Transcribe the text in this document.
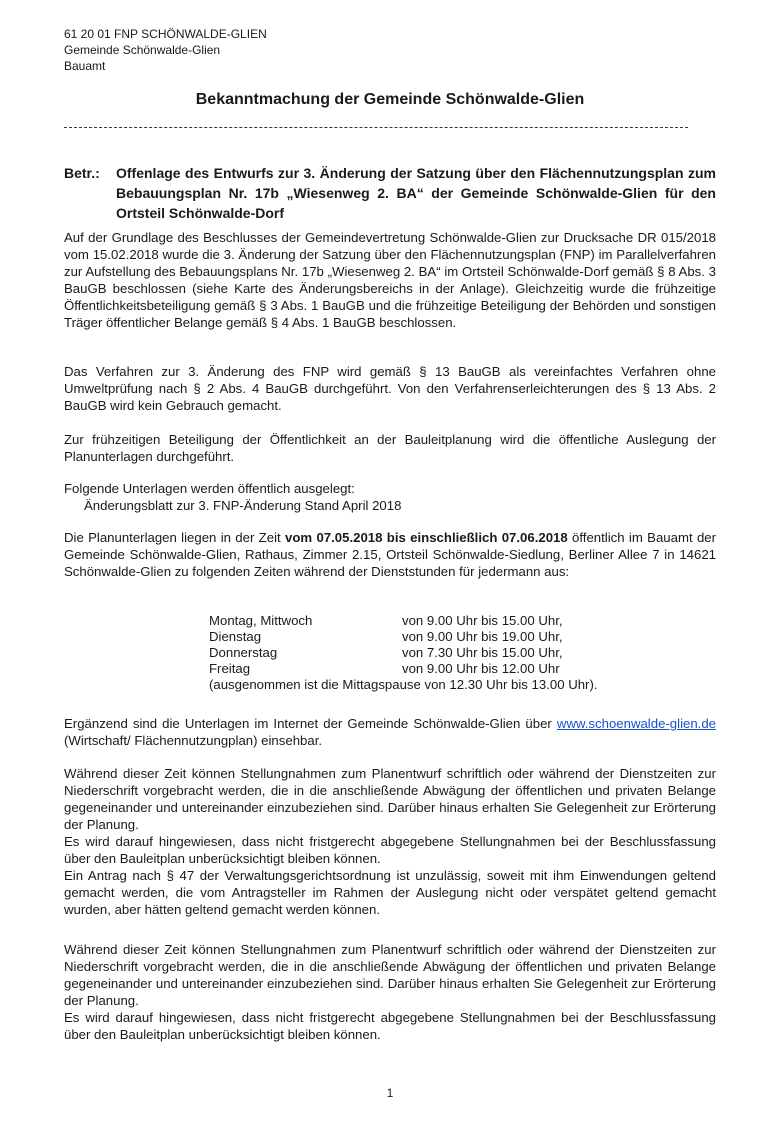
61 20 01 FNP SCHÖNWALDE-GLIEN
Gemeinde Schönwalde-Glien
Bauamt
Bekanntmachung der Gemeinde Schönwalde-Glien
Betr.: Offenlage des Entwurfs zur 3. Änderung der Satzung über den Flächennutzungsplan zum Bebauungsplan Nr. 17b „Wiesenweg 2. BA“ der Gemeinde Schönwalde-Glien für den Ortsteil Schönwalde-Dorf
Auf der Grundlage des Beschlusses der Gemeindevertretung Schönwalde-Glien zur Drucksache DR 015/2018 vom 15.02.2018 wurde die 3. Änderung der Satzung über den Flächennutzungsplan (FNP) im Parallelverfahren zur Aufstellung des Bebauungsplans Nr. 17b „Wiesenweg 2. BA“ im Ortsteil Schönwalde-Dorf gemäß § 8 Abs. 3 BauGB beschlossen (siehe Karte des Änderungsbereichs in der Anlage). Gleichzeitig wurde die frühzeitige Öffentlichkeitsbeteiligung gemäß § 3 Abs. 1 BauGB und die frühzeitige Beteiligung der Behörden und sonstigen Träger öffentlicher Belange gemäß § 4 Abs. 1 BauGB beschlossen.
Das Verfahren zur 3. Änderung des FNP wird gemäß § 13 BauGB als vereinfachtes Verfahren ohne Umweltprüfung nach § 2 Abs. 4 BauGB durchgeführt. Von den Verfahrenserleichterungen des § 13 Abs. 2 BauGB wird kein Gebrauch gemacht.
Zur frühzeitigen Beteiligung der Öffentlichkeit an der Bauleitplanung wird die öffentliche Auslegung der Planunterlagen durchgeführt.
Folgende Unterlagen werden öffentlich ausgelegt:
Änderungsblatt zur 3. FNP-Änderung Stand April 2018
Die Planunterlagen liegen in der Zeit vom 07.05.2018 bis einschließlich 07.06.2018 öffentlich im Bauamt der Gemeinde Schönwalde-Glien, Rathaus, Zimmer 2.15, Ortsteil Schönwalde-Siedlung, Berliner Allee 7 in 14621 Schönwalde-Glien zu folgenden Zeiten während der Dienststunden für jedermann aus:
Montag, Mittwoch	von 9.00 Uhr bis 15.00 Uhr,
Dienstag	von 9.00 Uhr bis 19.00 Uhr,
Donnerstag	von 7.30 Uhr bis 15.00 Uhr,
Freitag	von 9.00 Uhr bis 12.00 Uhr
(ausgenommen ist die Mittagspause von 12.30 Uhr bis 13.00 Uhr).
Ergänzend sind die Unterlagen im Internet der Gemeinde Schönwalde-Glien über www.schoenwalde-glien.de (Wirtschaft/ Flächennutzungplan) einsehbar.
Während dieser Zeit können Stellungnahmen zum Planentwurf schriftlich oder während der Dienstzeiten zur Niederschrift vorgebracht werden, die in die anschließende Abwägung der öffentlichen und privaten Belange gegeneinander und untereinander einzubeziehen sind. Darüber hinaus erhalten Sie Gelegenheit zur Erörterung der Planung.
Es wird darauf hingewiesen, dass nicht fristgerecht abgegebene Stellungnahmen bei der Beschlussfassung über den Bauleitplan unberücksichtigt bleiben können.
Ein Antrag nach § 47 der Verwaltungsgerichtsordnung ist unzulässig, soweit mit ihm Einwendungen geltend gemacht werden, die vom Antragsteller im Rahmen der Auslegung nicht oder verspätet geltend gemacht wurden, aber hätten geltend gemacht werden können.
Während dieser Zeit können Stellungnahmen zum Planentwurf schriftlich oder während der Dienstzeiten zur Niederschrift vorgebracht werden, die in die anschließende Abwägung der öffentlichen und privaten Belange gegeneinander und untereinander einzubeziehen sind. Darüber hinaus erhalten Sie Gelegenheit zur Erörterung der Planung.
Es wird darauf hingewiesen, dass nicht fristgerecht abgegebene Stellungnahmen bei der Beschlussfassung über den Bauleitplan unberücksichtigt bleiben können.
1
